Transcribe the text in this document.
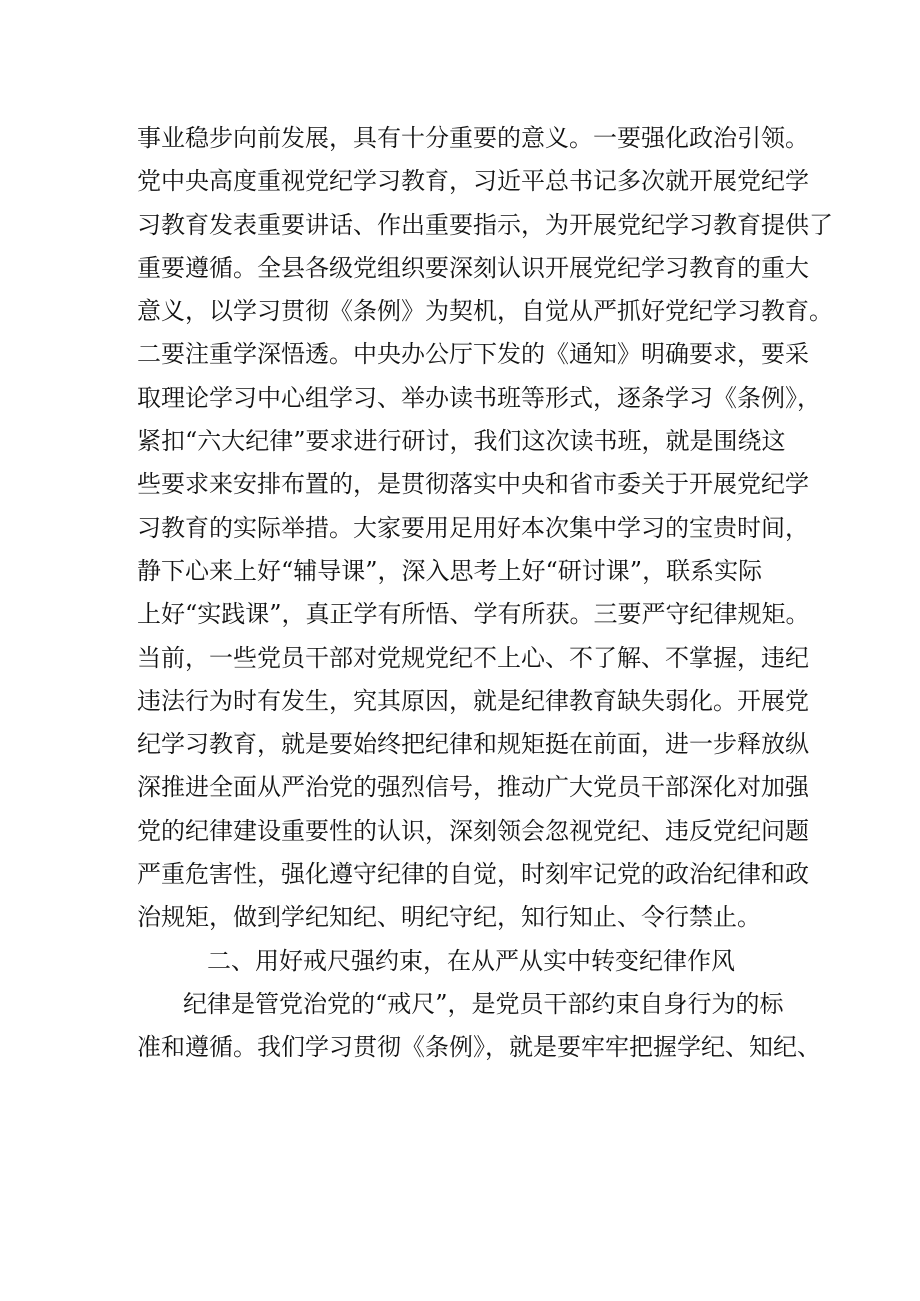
事业稳步向前发展，具有十分重要的意义。一要强化政治引领。
党中央高度重视党纪学习教育，习近平总书记多次就开展党纪学
习教育发表重要讲话、作出重要指示，为开展党纪学习教育提供了
重要遵循。全县各级党组织要深刻认识开展党纪学习教育的重大
意义，以学习贯彻《条例》为契机，自觉从严抓好党纪学习教育。
二要注重学深悟透。中央办公厅下发的《通知》明确要求，要采
取理论学习中心组学习、举办读书班等形式，逐条学习《条例》，
紧扣“六大纪律”要求进行研讨，我们这次读书班，就是围绕这
些要求来安排布置的，是贯彻落实中央和省市委关于开展党纪学
习教育的实际举措。大家要用足用好本次集中学习的宝贵时间，
静下心来上好“辅导课”，深入思考上好“研讨课”，联系实际
上好“实践课”，真正学有所悟、学有所获。三要严守纪律规矩。
当前，一些党员干部对党规党纪不上心、不了解、不掌握，违纪
违法行为时有发生，究其原因，就是纪律教育缺失弱化。开展党
纪学习教育，就是要始终把纪律和规矩挺在前面，进一步释放纵
深推进全面从严治党的强烈信号，推动广大党员干部深化对加强
党的纪律建设重要性的认识，深刻领会忽视党纪、违反党纪问题
严重危害性，强化遵守纪律的自觉，时刻牢记党的政治纪律和政
治规矩，做到学纪知纪、明纪守纪，知行知止、令行禁止。
二、用好戒尺强约束，在从严从实中转变纪律作风
纪律是管党治党的“戒尺”，是党员干部约束自身行为的标
准和遵循。我们学习贯彻《条例》，就是要牢牢把握学纪、知纪、
